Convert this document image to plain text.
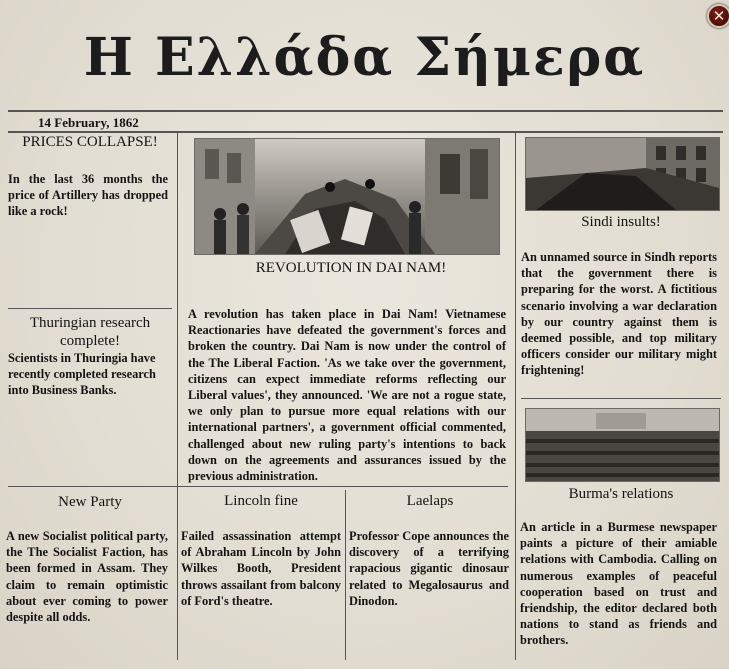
Η Ελλάδα Σήμερα
✕
14 February, 1862
PRICES COLLAPSE!
In the last 36 months the price of Artillery has dropped like a rock!
Thuringian research complete!
Scientists in Thuringia have recently completed research into Business Banks.
REVOLUTION IN DAI NAM!
A revolution has taken place in Dai Nam! Vietnamese Reactionaries have defeated the government's forces and broken the country. Dai Nam is now under the control of the The Liberal Faction. 'As we take over the government, citizens can expect immediate reforms reflecting our Liberal values', they announced. 'We are not a rogue state, we only plan to pursue more equal relations with our international partners', a government official commented, challenged about new ruling party's intentions to back down on the agreements and assurances issued by the previous administration.
Sindi insults!
An unnamed source in Sindh reports that the government there is preparing for the worst. A fictitious scenario involving a war declaration by our country against them is deemed possible, and top military officers consider our military might frightening!
Burma's relations
An article in a Burmese newspaper paints a picture of their amiable relations with Cambodia. Calling on numerous examples of peaceful cooperation based on trust and friendship, the editor declared both nations to stand as friends and brothers.
New Party
A new Socialist political party, the The Socialist Faction, has been formed in Assam. They claim to remain optimistic about ever coming to power despite all odds.
Lincoln fine
Failed assassination attempt of Abraham Lincoln by John Wilkes Booth, President throws assailant from balcony of Ford's theatre.
Laelaps
Professor Cope announces the discovery of a terrifying rapacious gigantic dinosaur related to Megalosaurus and Dinodon.
